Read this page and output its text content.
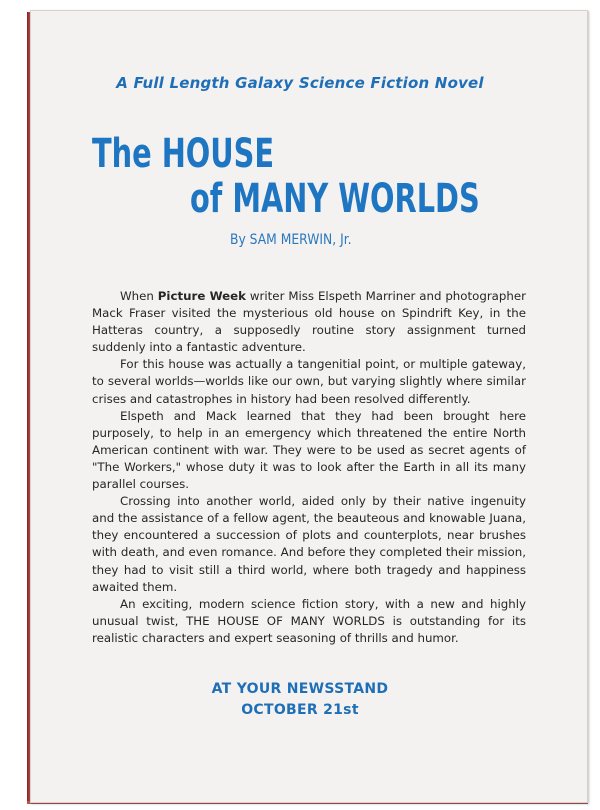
A Full Length Galaxy Science Fiction Novel
The HOUSE
of MANY WORLDS
By SAM MERWIN, Jr.

When Picture Week writer Miss Elspeth Marriner and photographer Mack Fraser visited the mysterious old house on Spindrift Key, in the Hatteras country, a supposedly routine story assignment turned suddenly into a fantastic adventure.

For this house was actually a tangenitial point, or multiple gateway, to several worlds—worlds like our own, but varying slightly where similar crises and catastrophes in history had been resolved differently.

Elspeth and Mack learned that they had been brought here purposely, to help in an emergency which threatened the entire North American continent with war. They were to be used as secret agents of "The Workers," whose duty it was to look after the Earth in all its many parallel courses.

Crossing into another world, aided only by their native ingenuity and the assistance of a fellow agent, the beauteous and knowable Juana, they encountered a succession of plots and counterplots, near brushes with death, and even romance. And before they completed their mission, they had to visit still a third world, where both tragedy and happiness awaited them.

An exciting, modern science fiction story, with a new and highly unusual twist, THE HOUSE OF MANY WORLDS is outstanding for its realistic characters and expert seasoning of thrills and humor.

AT YOUR NEWSSTAND
OCTOBER 21st
